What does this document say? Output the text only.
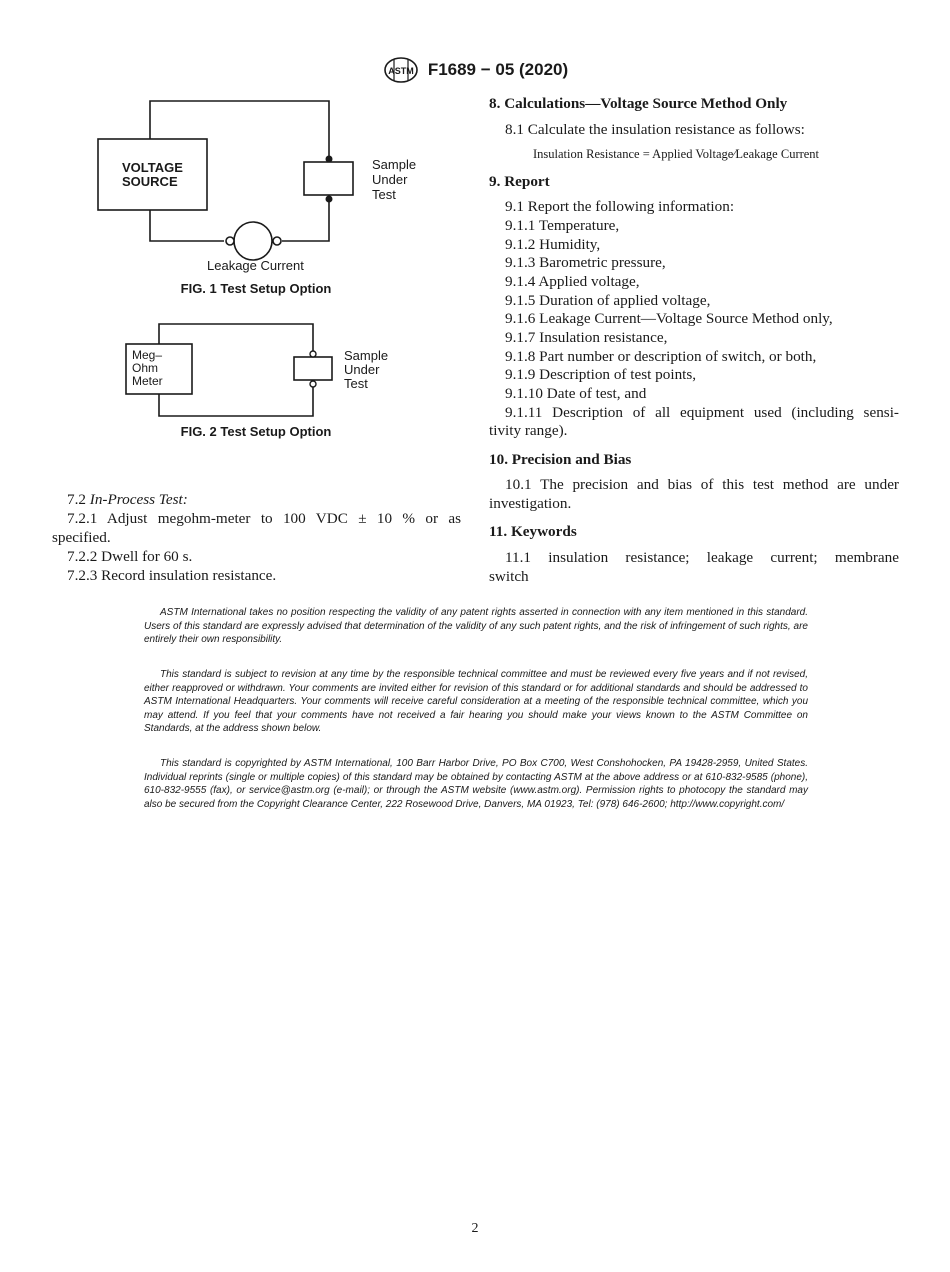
ASTM F1689 − 05 (2020)
VOLTAGE
SOURCE
Sample
Under
Test
Leakage Current
FIG. 1 Test Setup Option
Meg–
Ohm
Meter
Sample
Under
Test
FIG. 2 Test Setup Option
7.2 In-Process Test:
7.2.1 Adjust megohm-meter to 100 VDC ± 10 % or as
specified.
7.2.2 Dwell for 60 s.
7.2.3 Record insulation resistance.
8. Calculations—Voltage Source Method Only
8.1 Calculate the insulation resistance as follows:
Insulation Resistance = Applied Voltage⁄Leakage Current
9. Report
9.1 Report the following information:
9.1.1 Temperature,
9.1.2 Humidity,
9.1.3 Barometric pressure,
9.1.4 Applied voltage,
9.1.5 Duration of applied voltage,
9.1.6 Leakage Current—Voltage Source Method only,
9.1.7 Insulation resistance,
9.1.8 Part number or description of switch, or both,
9.1.9 Description of test points,
9.1.10 Date of test, and
9.1.11 Description of all equipment used (including sensi-
tivity range).
10. Precision and Bias
10.1 The precision and bias of this test method are under
investigation.
11. Keywords
11.1 insulation resistance; leakage current; membrane
switch

ASTM International takes no position respecting the validity of any patent rights asserted in connection with any item mentioned in this standard. Users of this standard are expressly advised that determination of the validity of any such patent rights, and the risk of infringement of such rights, are entirely their own responsibility.

This standard is subject to revision at any time by the responsible technical committee and must be reviewed every five years and if not revised, either reapproved or withdrawn. Your comments are invited either for revision of this standard or for additional standards and should be addressed to ASTM International Headquarters. Your comments will receive careful consideration at a meeting of the responsible technical committee, which you may attend. If you feel that your comments have not received a fair hearing you should make your views known to the ASTM Committee on Standards, at the address shown below.

This standard is copyrighted by ASTM International, 100 Barr Harbor Drive, PO Box C700, West Conshohocken, PA 19428-2959, United States. Individual reprints (single or multiple copies) of this standard may be obtained by contacting ASTM at the above address or at 610-832-9585 (phone), 610-832-9555 (fax), or service@astm.org (e-mail); or through the ASTM website (www.astm.org). Permission rights to photocopy the standard may also be secured from the Copyright Clearance Center, 222 Rosewood Drive, Danvers, MA 01923, Tel: (978) 646-2600; http://www.copyright.com/

2
